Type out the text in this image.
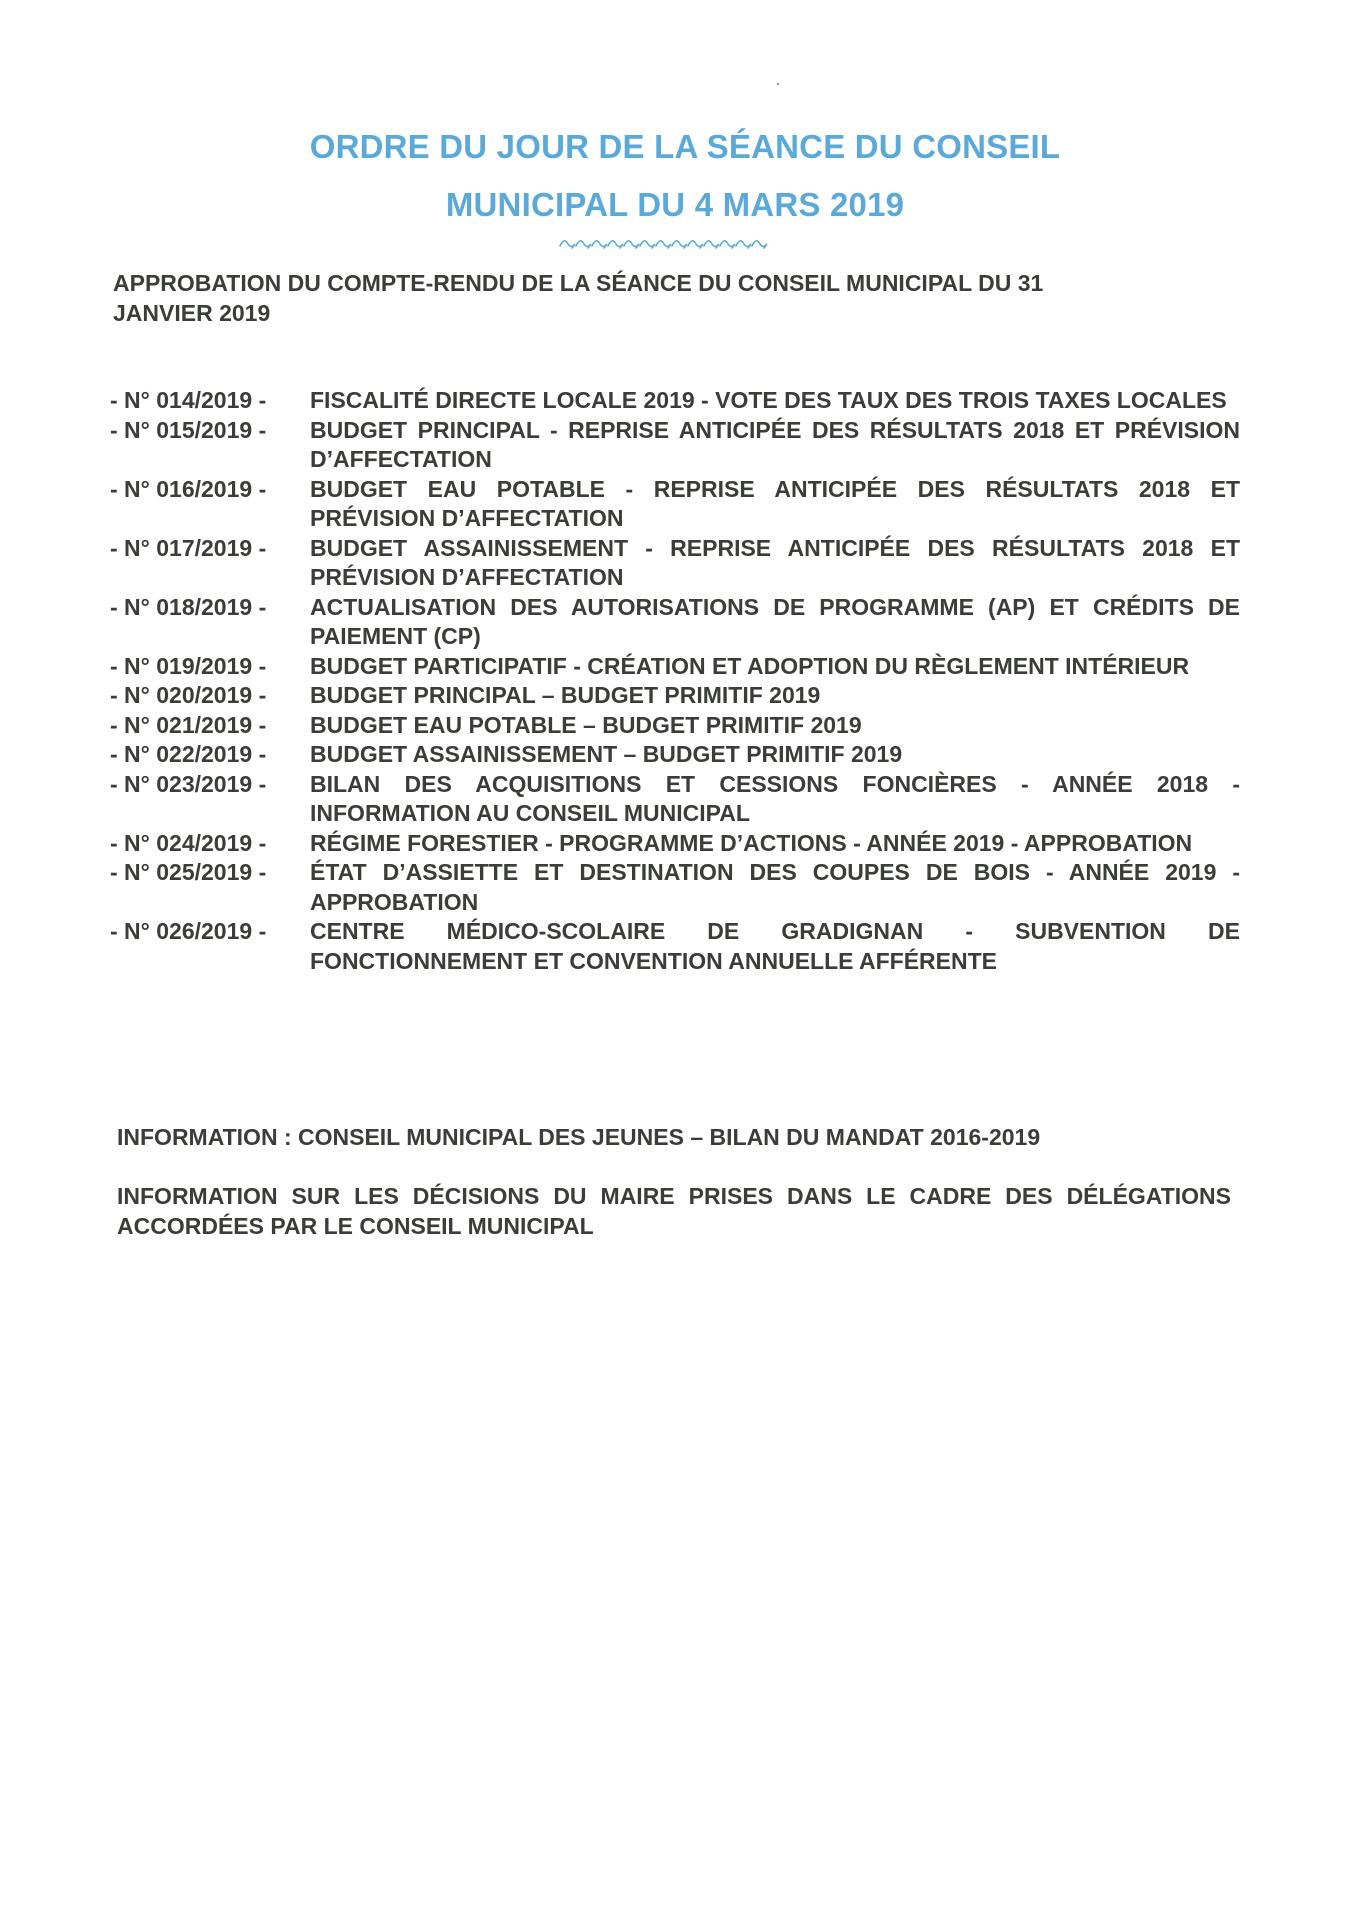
ORDRE DU JOUR DE LA SÉANCE DU CONSEIL
MUNICIPAL DU 4 MARS 2019
APPROBATION DU COMPTE-RENDU DE LA SÉANCE DU CONSEIL MUNICIPAL DU 31 JANVIER 2019
- N° 014/2019 -	FISCALITÉ DIRECTE LOCALE 2019 - VOTE DES TAUX DES TROIS TAXES LOCALES
- N° 015/2019 -	BUDGET PRINCIPAL - REPRISE ANTICIPÉE DES RÉSULTATS 2018 ET PRÉVISION D’AFFECTATION
- N° 016/2019 -	BUDGET EAU POTABLE - REPRISE ANTICIPÉE DES RÉSULTATS 2018 ET PRÉVISION D’AFFECTATION
- N° 017/2019 -	BUDGET ASSAINISSEMENT - REPRISE ANTICIPÉE DES RÉSULTATS 2018 ET PRÉVISION D’AFFECTATION
- N° 018/2019 -	ACTUALISATION DES AUTORISATIONS DE PROGRAMME (AP) ET CRÉDITS DE PAIEMENT (CP)
- N° 019/2019 -	BUDGET PARTICIPATIF - CRÉATION ET ADOPTION DU RÈGLEMENT INTÉRIEUR
- N° 020/2019 -	BUDGET PRINCIPAL – BUDGET PRIMITIF 2019
- N° 021/2019 -	BUDGET EAU POTABLE – BUDGET PRIMITIF 2019
- N° 022/2019 -	BUDGET ASSAINISSEMENT – BUDGET PRIMITIF 2019
- N° 023/2019 -	BILAN DES ACQUISITIONS ET CESSIONS FONCIÈRES - ANNÉE 2018 - INFORMATION AU CONSEIL MUNICIPAL
- N° 024/2019 -	RÉGIME FORESTIER - PROGRAMME D’ACTIONS - ANNÉE 2019 - APPROBATION
- N° 025/2019 -	ÉTAT D’ASSIETTE ET DESTINATION DES COUPES DE BOIS - ANNÉE 2019 - APPROBATION
- N° 026/2019 -	CENTRE MÉDICO-SCOLAIRE DE GRADIGNAN - SUBVENTION DE FONCTIONNEMENT ET CONVENTION ANNUELLE AFFÉRENTE
INFORMATION : CONSEIL MUNICIPAL DES JEUNES – BILAN DU MANDAT 2016-2019
INFORMATION SUR LES DÉCISIONS DU MAIRE PRISES DANS LE CADRE DES DÉLÉGATIONS ACCORDÉES PAR LE CONSEIL MUNICIPAL
